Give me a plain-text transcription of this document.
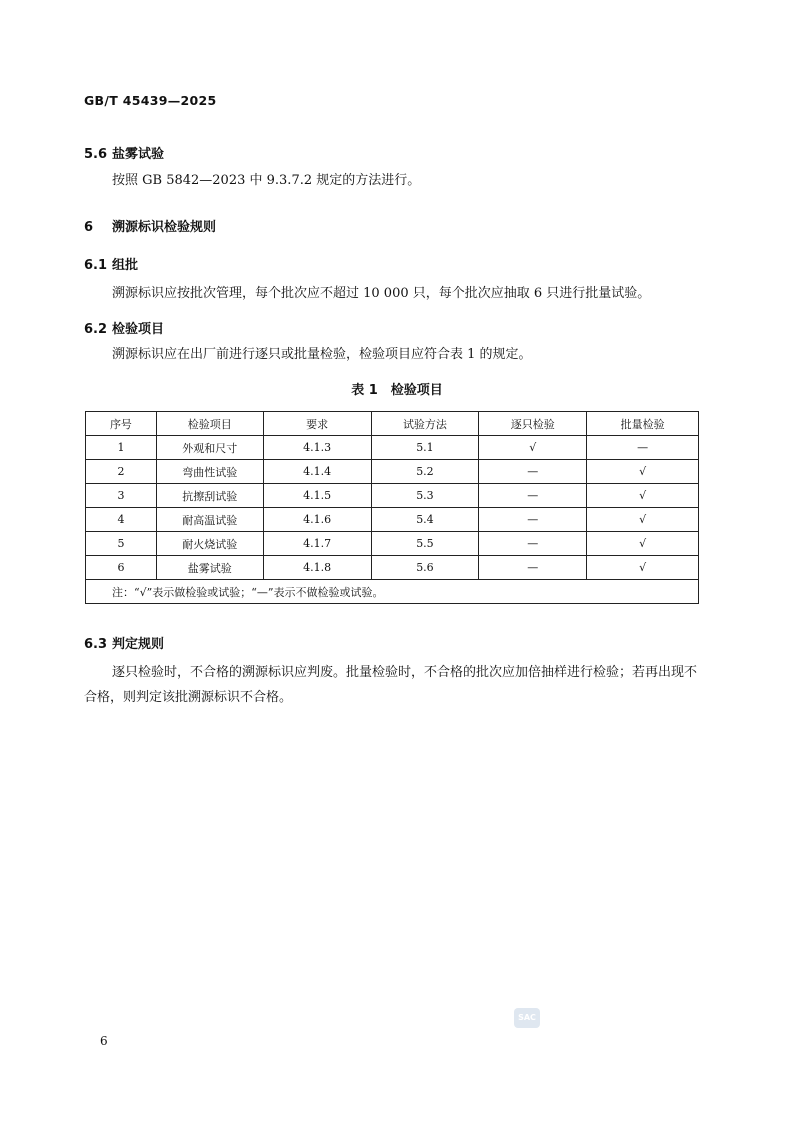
GB/T 45439—2025
5.6 盐雾试验
按照 GB 5842—2023 中 9.3.7.2 规定的方法进行。
6 溯源标识检验规则
6.1 组批
溯源标识应按批次管理，每个批次应不超过 10 000 只，每个批次应抽取 6 只进行批量试验。
6.2 检验项目
溯源标识应在出厂前进行逐只或批量检验，检验项目应符合表 1 的规定。
表 1　检验项目
序号	检验项目	要求	试验方法	逐只检验	批量检验
1	外观和尺寸	4.1.3	5.1	√	—
2	弯曲性试验	4.1.4	5.2	—	√
3	抗擦刮试验	4.1.5	5.3	—	√
4	耐高温试验	4.1.6	5.4	—	√
5	耐火烧试验	4.1.7	5.5	—	√
6	盐雾试验	4.1.8	5.6	—	√
注：“√”表示做检验或试验；“—”表示不做检验或试验。					
6.3 判定规则
逐只检验时，不合格的溯源标识应判废。批量检验时，不合格的批次应加倍抽样进行检验；若再出现不合格，则判定该批溯源标识不合格。
SAC
6
